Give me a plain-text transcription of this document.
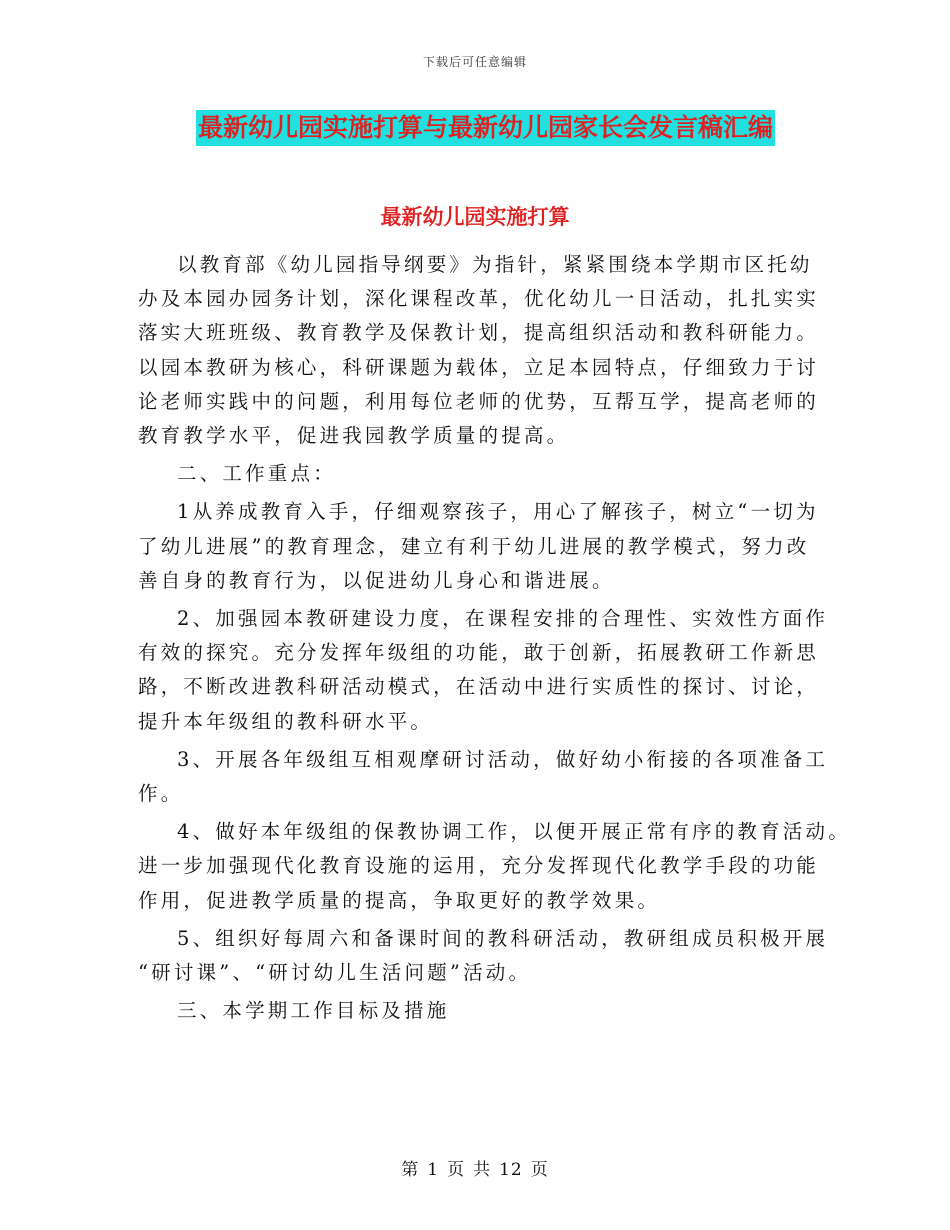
下载后可任意编辑
最新幼儿园实施打算与最新幼儿园家长会发言稿汇编
最新幼儿园实施打算

以教育部《幼儿园指导纲要》为指针，紧紧围绕本学期市区托幼
办及本园办园务计划，深化课程改革，优化幼儿一日活动，扎扎实实
落实大班班级、教育教学及保教计划，提高组织活动和教科研能力。
以园本教研为核心，科研课题为载体，立足本园特点，仔细致力于讨
论老师实践中的问题，利用每位老师的优势，互帮互学，提高老师的
教育教学水平，促进我园教学质量的提高。

二、工作重点：

1从养成教育入手，仔细观察孩子，用心了解孩子，树立“一切为
了幼儿进展”的教育理念，建立有利于幼儿进展的教学模式，努力改
善自身的教育行为，以促进幼儿身心和谐进展。

2、加强园本教研建设力度，在课程安排的合理性、实效性方面作
有效的探究。充分发挥年级组的功能，敢于创新，拓展教研工作新思
路，不断改进教科研活动模式，在活动中进行实质性的探讨、讨论，
提升本年级组的教科研水平。

3、开展各年级组互相观摩研讨活动，做好幼小衔接的各项准备工
作。

4、做好本年级组的保教协调工作，以便开展正常有序的教育活动。
进一步加强现代化教育设施的运用，充分发挥现代化教学手段的功能
作用，促进教学质量的提高，争取更好的教学效果。

5、组织好每周六和备课时间的教科研活动，教研组成员积极开展
“研讨课”、“研讨幼儿生活问题”活动。

三、本学期工作目标及措施

第 1 页 共 12 页
